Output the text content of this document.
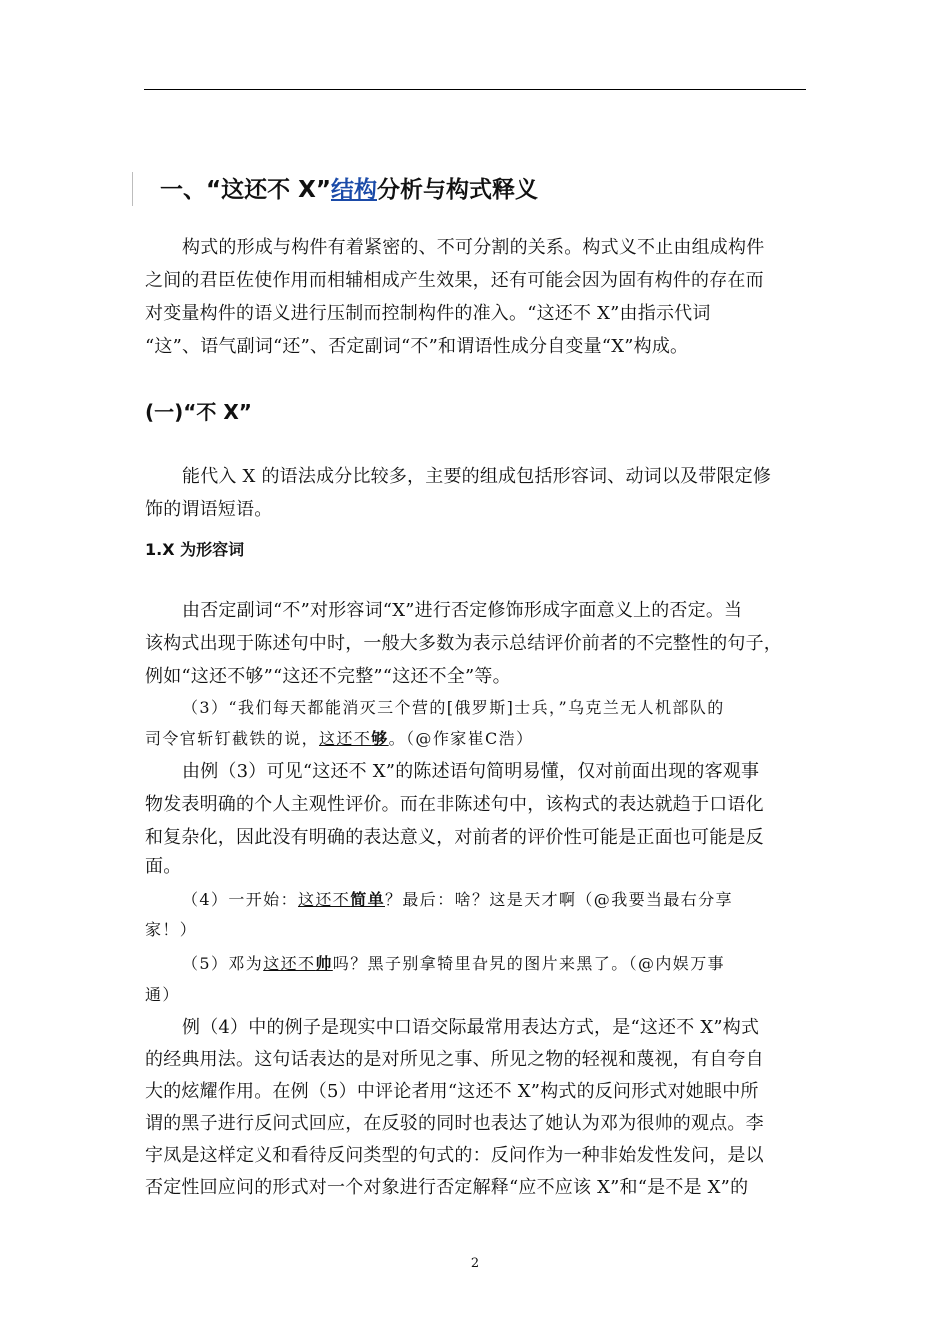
一、“这还不 X”结构分析与构式释义
构式的形成与构件有着紧密的、不可分割的关系。构式义不止由组成构件
之间的君臣佐使作用而相辅相成产生效果，还有可能会因为固有构件的存在而
对变量构件的语义进行压制而控制构件的准入。“这还不 X”由指示代词
“这”、语气副词“还”、否定副词“不”和谓语性成分自变量“X”构成。
(一)“不 X”
能代入 X 的语法成分比较多，主要的组成包括形容词、动词以及带限定修
饰的谓语短语。
1.X 为形容词
由否定副词“不”对形容词“X”进行否定修饰形成字面意义上的否定。当
该构式出现于陈述句中时，一般大多数为表示总结评价前者的不完整性的句子，
例如“这还不够”“这还不完整”“这还不全”等。
（3）“我们每天都能消灭三个营的[俄罗斯]士兵，”乌克兰无人机部队的
司令官斩钉截铁的说，这还不够。（@作家崔C浩）
由例（3）可见“这还不 X”的陈述语句简明易懂，仅对前面出现的客观事
物发表明确的个人主观性评价。而在非陈述句中，该构式的表达就趋于口语化
和复杂化，因此没有明确的表达意义，对前者的评价性可能是正面也可能是反
面。
（4）一开始：这还不简单？最后：啥？这是天才啊（@我要当最右分享
家！）
（5）邓为这还不帅吗？黑子别拿犄里旮旯的图片来黑了。（@内娱万事
通）
例（4）中的例子是现实中口语交际最常用表达方式，是“这还不 X”构式
的经典用法。这句话表达的是对所见之事、所见之物的轻视和蔑视，有自夸自
大的炫耀作用。在例（5）中评论者用“这还不 X”构式的反问形式对她眼中所
谓的黑子进行反问式回应，在反驳的同时也表达了她认为邓为很帅的观点。李
宇凤是这样定义和看待反问类型的句式的：反问作为一种非始发性发问，是以
否定性回应问的形式对一个对象进行否定解释“应不应该 X”和“是不是 X”的
2
